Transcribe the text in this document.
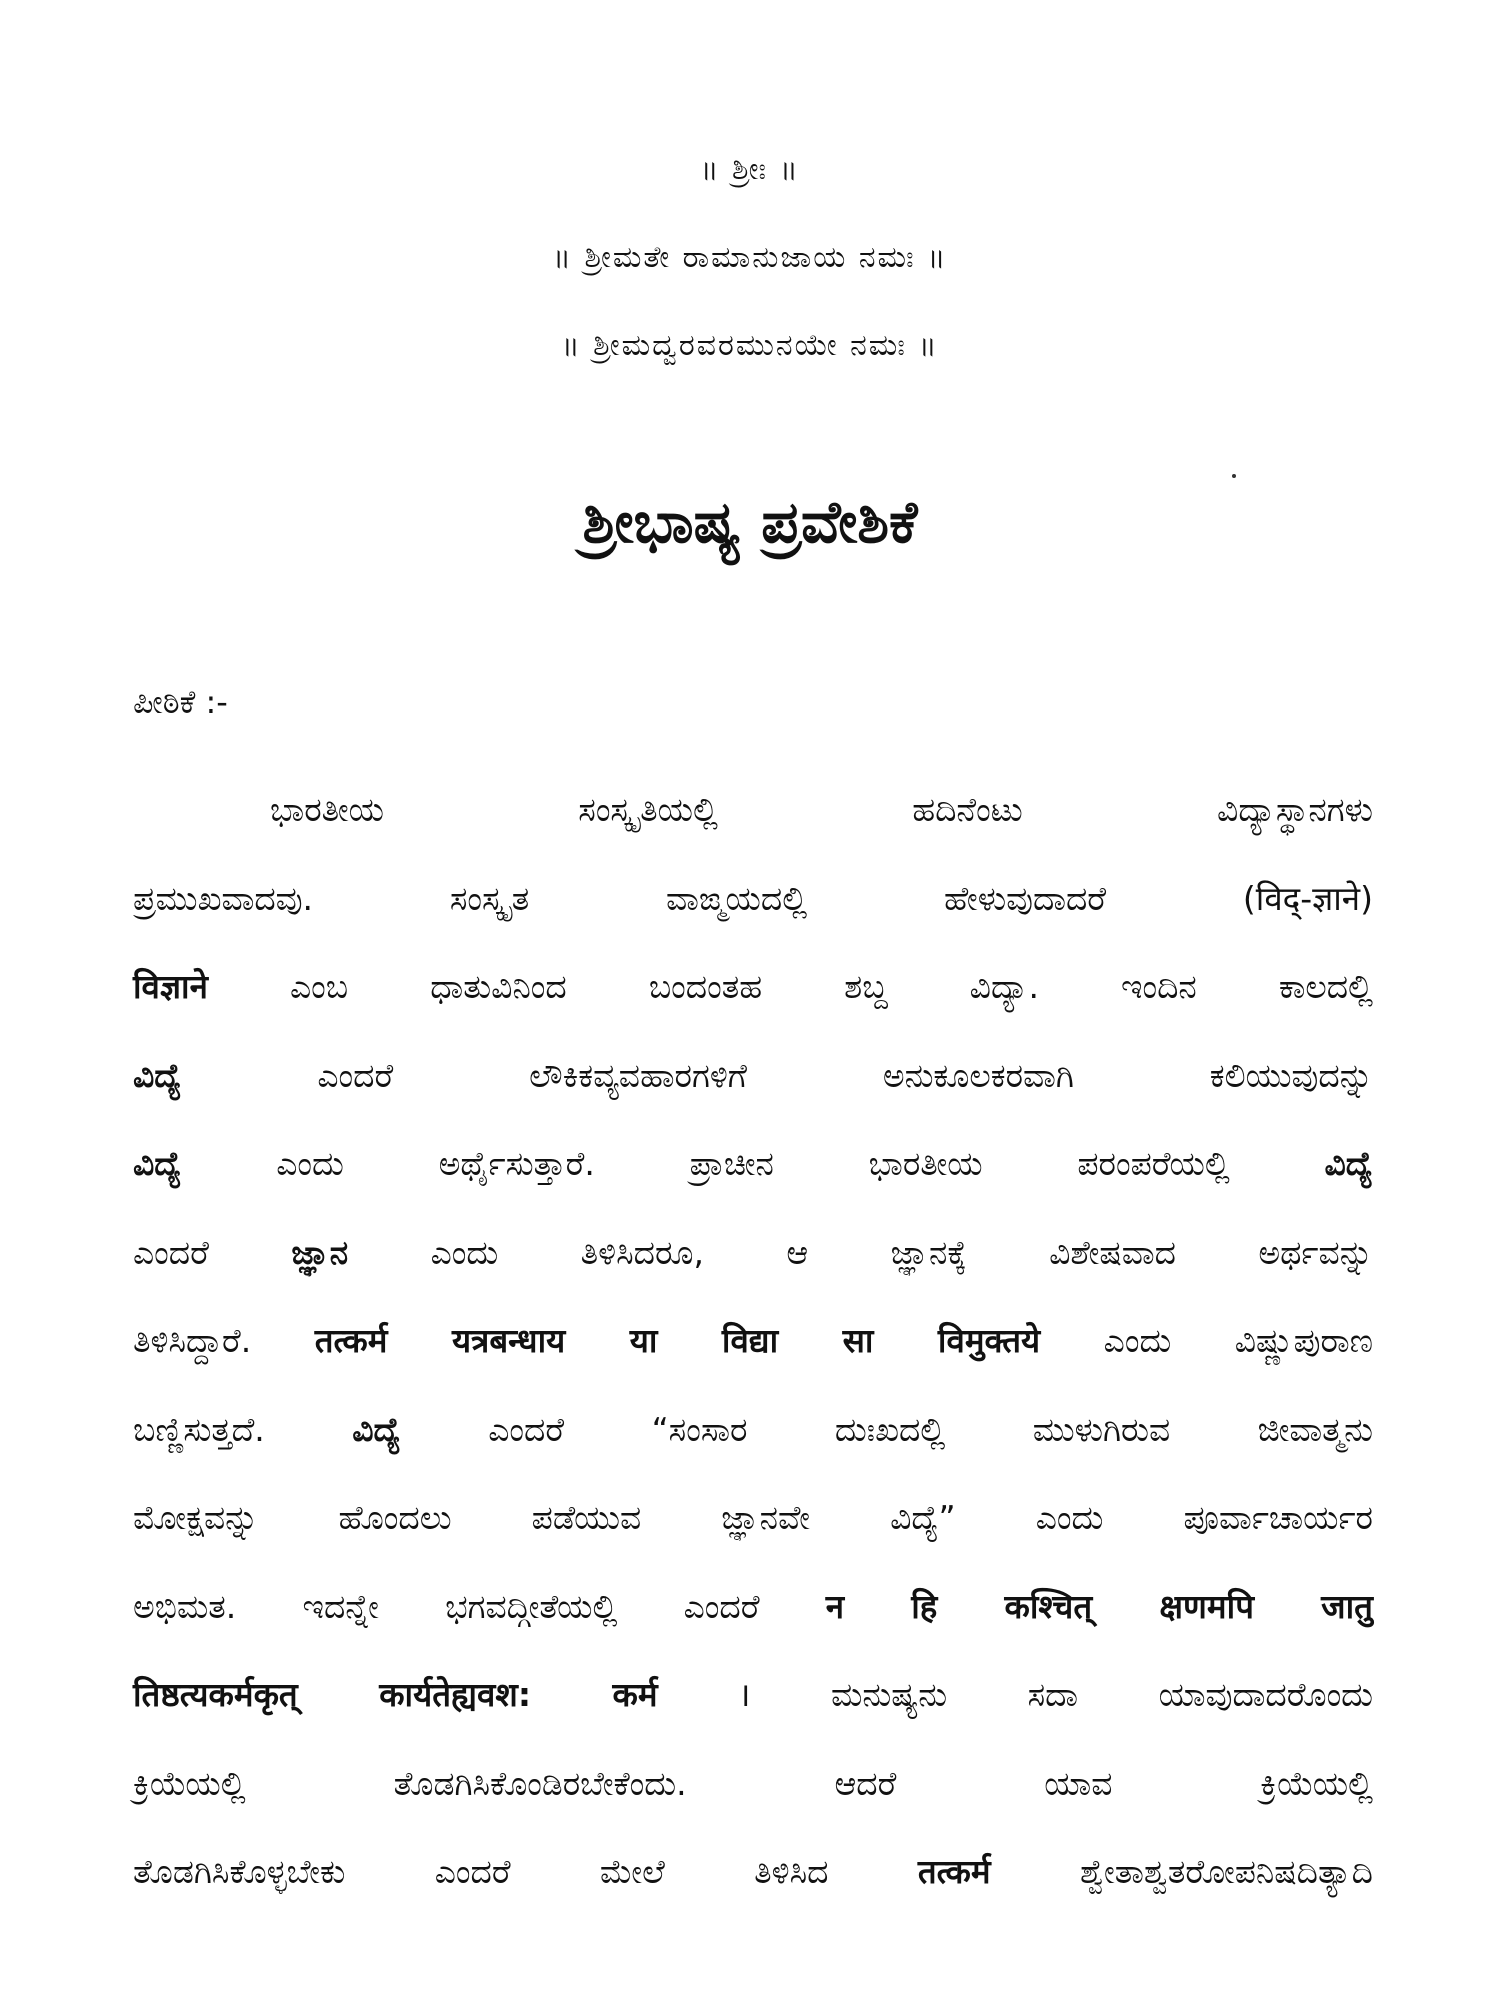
॥ ಶ್ರೀಃ ॥
॥ ಶ್ರೀಮತೇ ರಾಮಾನುಜಾಯ ನಮಃ ॥
॥ ಶ್ರೀಮದ್ವರವರಮುನಯೇ ನಮಃ ॥
ಶ್ರೀಭಾಷ್ಯ ಪ್ರವೇಶಿಕೆ
ಪೀಠಿಕೆ :-
ಭಾರತೀಯ ಸಂಸ್ಕೃತಿಯಲ್ಲಿ ಹದಿನೆಂಟು ವಿದ್ಯಾಸ್ಥಾನಗಳು
ಪ್ರಮುಖವಾದವು. ಸಂಸ್ಕೃತ ವಾಙ್ಮಯದಲ್ಲಿ ಹೇಳುವುದಾದರೆ (विद्-ज्ञाने)
विज्ञाने ಎಂಬ ಧಾತುವಿನಿಂದ ಬಂದಂತಹ ಶಬ್ದ ವಿದ್ಯಾ. ಇಂದಿನ ಕಾಲದಲ್ಲಿ
ವಿದ್ಯೆ ಎಂದರೆ ಲೌಕಿಕವ್ಯವಹಾರಗಳಿಗೆ ಅನುಕೂಲಕರವಾಗಿ ಕಲಿಯುವುದನ್ನು
ವಿದ್ಯೆ ಎಂದು ಅರ್ಥೈಸುತ್ತಾರೆ. ಪ್ರಾಚೀನ ಭಾರತೀಯ ಪರಂಪರೆಯಲ್ಲಿ ವಿದ್ಯೆ
ಎಂದರೆ ಜ್ಞಾನ ಎಂದು ತಿಳಿಸಿದರೂ, ಆ ಜ್ಞಾನಕ್ಕೆ ವಿಶೇಷವಾದ ಅರ್ಥವನ್ನು
ತಿಳಿಸಿದ್ದಾರೆ. तत्कर्म यत्रबन्धाय या विद्या सा विमुक्तये ಎಂದು ವಿಷ್ಣುಪುರಾಣ
ಬಣ್ಣಿಸುತ್ತದೆ. ವಿದ್ಯೆ ಎಂದರೆ “ಸಂಸಾರ ದುಃಖದಲ್ಲಿ ಮುಳುಗಿರುವ ಜೀವಾತ್ಮನು
ಮೋಕ್ಷವನ್ನು ಹೊಂದಲು ಪಡೆಯುವ ಜ್ಞಾನವೇ ವಿದ್ಯೆ” ಎಂದು ಪೂರ್ವಾಚಾರ್ಯರ
ಅಭಿಮತ. ಇದನ್ನೇ ಭಗವದ್ಗೀತೆಯಲ್ಲಿ ಎಂದರೆ न हि कश्चित् क्षणमपि जातु
तिष्ठत्यकर्मकृत् कार्यतेह्यवश: कर्म । ಮನುಷ್ಯನು ಸದಾ ಯಾವುದಾದರೊಂದು
ಕ್ರಿಯೆಯಲ್ಲಿ ತೊಡಗಿಸಿಕೊಂಡಿರಬೇಕೆಂದು. ಆದರೆ ಯಾವ ಕ್ರಿಯೆಯಲ್ಲಿ
ತೊಡಗಿಸಿಕೊಳ್ಳಬೇಕು ಎಂದರೆ ಮೇಲೆ ತಿಳಿಸಿದ तत्कर्म ಶ್ವೇತಾಶ್ವತರೋಪನಿಷದಿತ್ಯಾದಿ
